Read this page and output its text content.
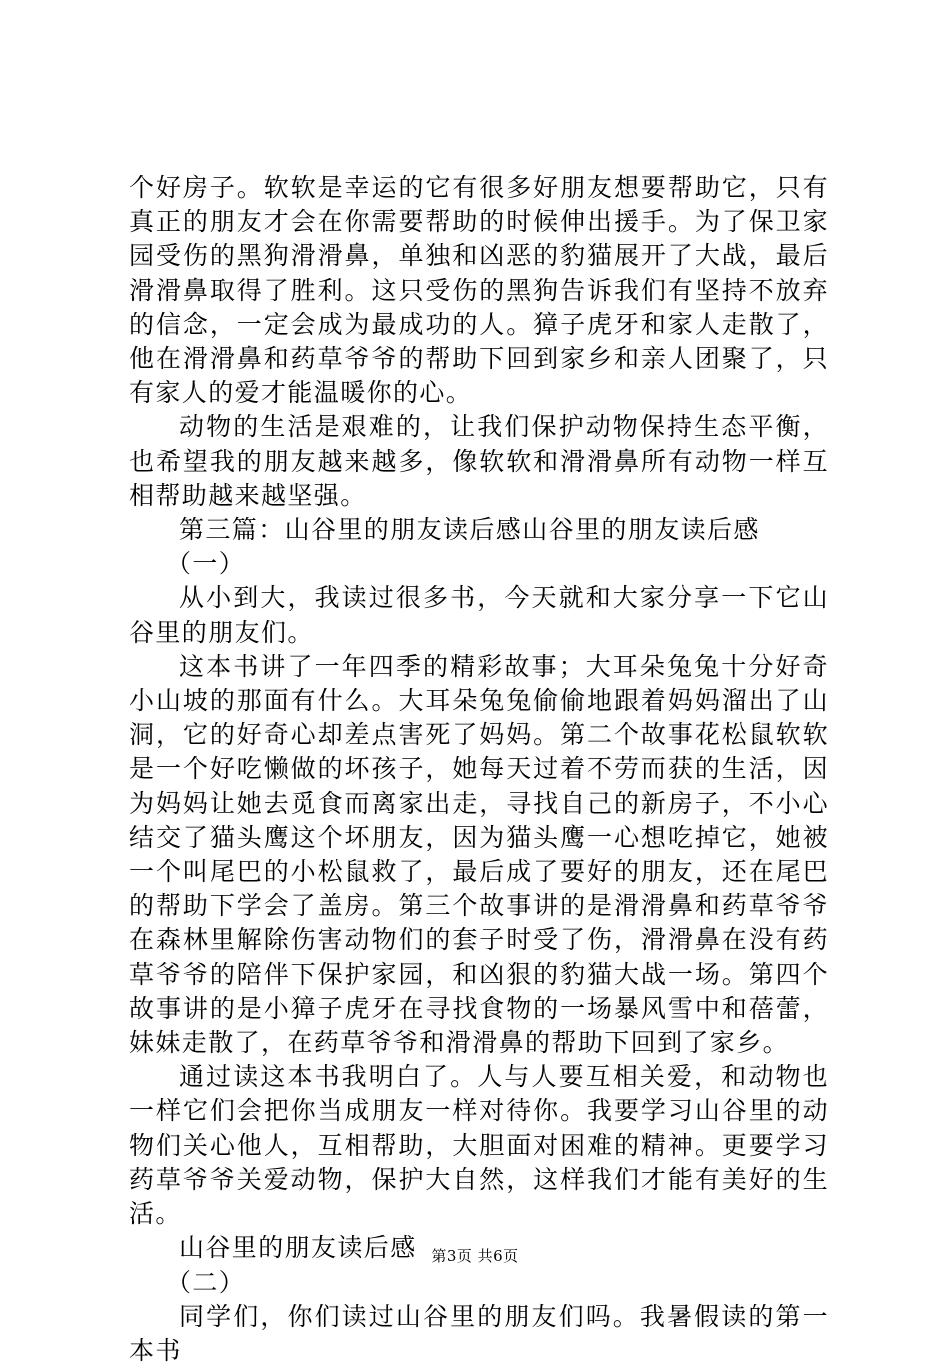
个好房子。软软是幸运的它有很多好朋友想要帮助它，只有真正的朋友才会在你需要帮助的时候伸出援手。为了保卫家园受伤的黑狗滑滑鼻，单独和凶恶的豹猫展开了大战，最后滑滑鼻取得了胜利。这只受伤的黑狗告诉我们有坚持不放弃的信念，一定会成为最成功的人。獐子虎牙和家人走散了，他在滑滑鼻和药草爷爷的帮助下回到家乡和亲人团聚了，只有家人的爱才能温暖你的心。

动物的生活是艰难的，让我们保护动物保持生态平衡，也希望我的朋友越来越多，像软软和滑滑鼻所有动物一样互相帮助越来越坚强。

第三篇：山谷里的朋友读后感山谷里的朋友读后感

（一）

从小到大，我读过很多书，今天就和大家分享一下它山谷里的朋友们。

这本书讲了一年四季的精彩故事；大耳朵兔兔十分好奇小山坡的那面有什么。大耳朵兔兔偷偷地跟着妈妈溜出了山洞，它的好奇心却差点害死了妈妈。第二个故事花松鼠软软是一个好吃懒做的坏孩子，她每天过着不劳而获的生活，因为妈妈让她去觅食而离家出走，寻找自己的新房子，不小心结交了猫头鹰这个坏朋友，因为猫头鹰一心想吃掉它，她被一个叫尾巴的小松鼠救了，最后成了要好的朋友，还在尾巴的帮助下学会了盖房。第三个故事讲的是滑滑鼻和药草爷爷在森林里解除伤害动物们的套子时受了伤，滑滑鼻在没有药草爷爷的陪伴下保护家园，和凶狠的豹猫大战一场。第四个故事讲的是小獐子虎牙在寻找食物的一场暴风雪中和蓓蕾，妹妹走散了，在药草爷爷和滑滑鼻的帮助下回到了家乡。

通过读这本书我明白了。人与人要互相关爱，和动物也一样它们会把你当成朋友一样对待你。我要学习山谷里的动物们关心他人，互相帮助，大胆面对困难的精神。更要学习药草爷爷关爱动物，保护大自然，这样我们才能有美好的生活。

山谷里的朋友读后感

（二）

同学们，你们读过山谷里的朋友们吗。我暑假读的第一本书

第3页 共6页
